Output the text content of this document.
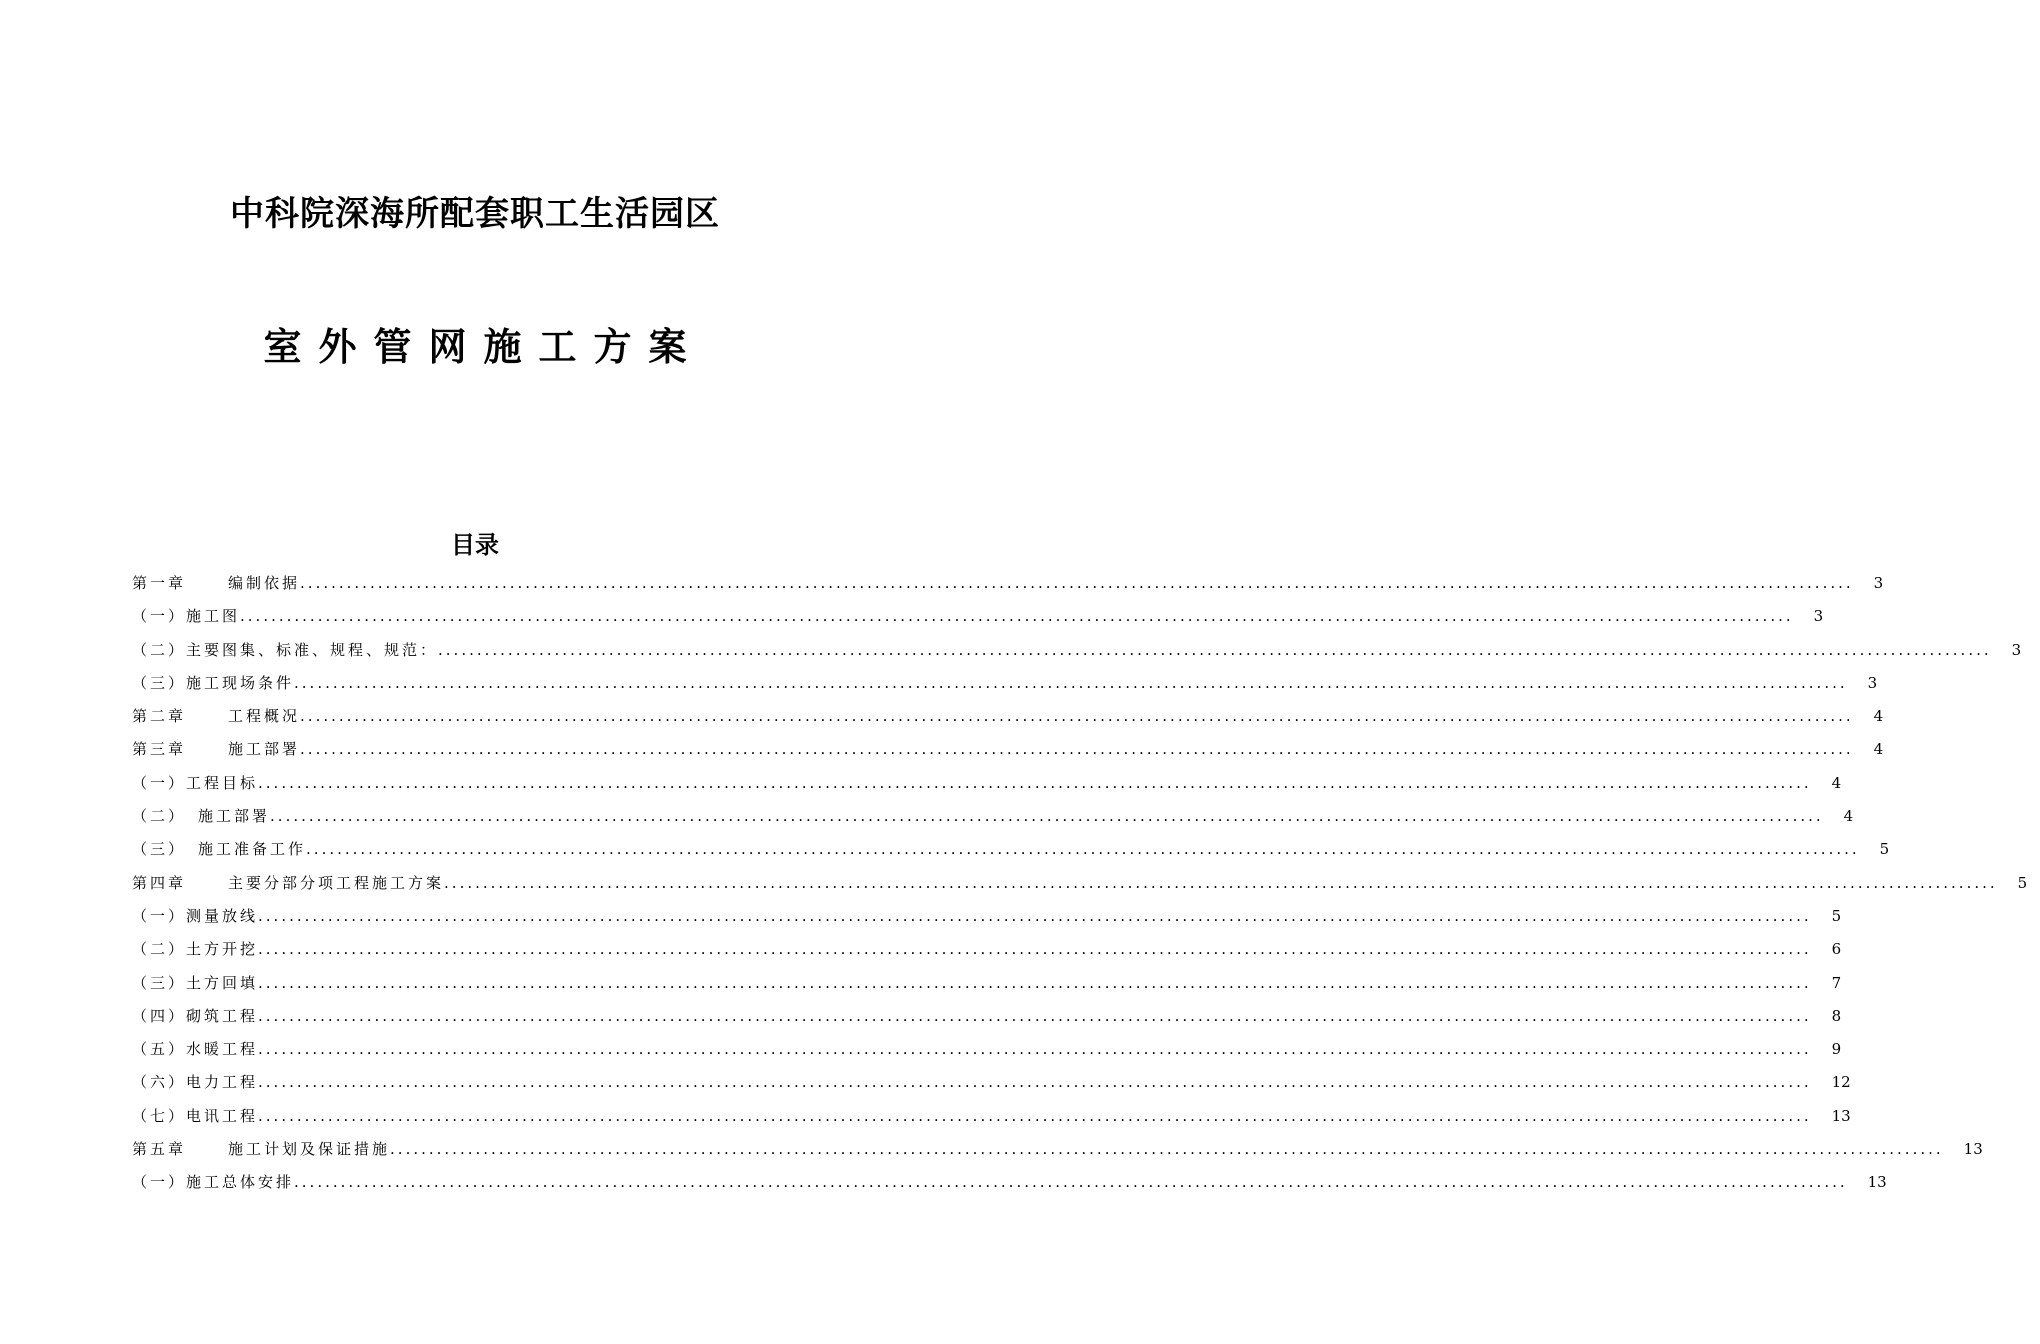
中科院深海所配套职工生活园区
室外管网施工方案
目录
第一章	编制依据 ........................................................................................................................................................................................................ 3
（一）施工图 ........................................................................................................................................................................................................ 3
（二）主要图集、标准、规程、规范： ........................................................................................................................................................................................................ 3
（三）施工现场条件 ........................................................................................................................................................................................................ 3
第二章	工程概况 ........................................................................................................................................................................................................ 4
第三章	施工部署 ........................................................................................................................................................................................................ 4
（一）工程目标 ........................................................................................................................................................................................................ 4
（二） 施工部署 ........................................................................................................................................................................................................ 4
（三） 施工准备工作 ........................................................................................................................................................................................................ 5
第四章	主要分部分项工程施工方案 ........................................................................................................................................................................................................ 5
（一）测量放线 ........................................................................................................................................................................................................ 5
（二）土方开挖 ........................................................................................................................................................................................................ 6
（三）土方回填 ........................................................................................................................................................................................................ 7
（四）砌筑工程 ........................................................................................................................................................................................................ 8
（五）水暖工程 ........................................................................................................................................................................................................ 9
（六）电力工程 ........................................................................................................................................................................................................ 12
（七）电讯工程 ........................................................................................................................................................................................................ 13
第五章	施工计划及保证措施 ........................................................................................................................................................................................................ 13
（一）施工总体安排 ........................................................................................................................................................................................................ 13
